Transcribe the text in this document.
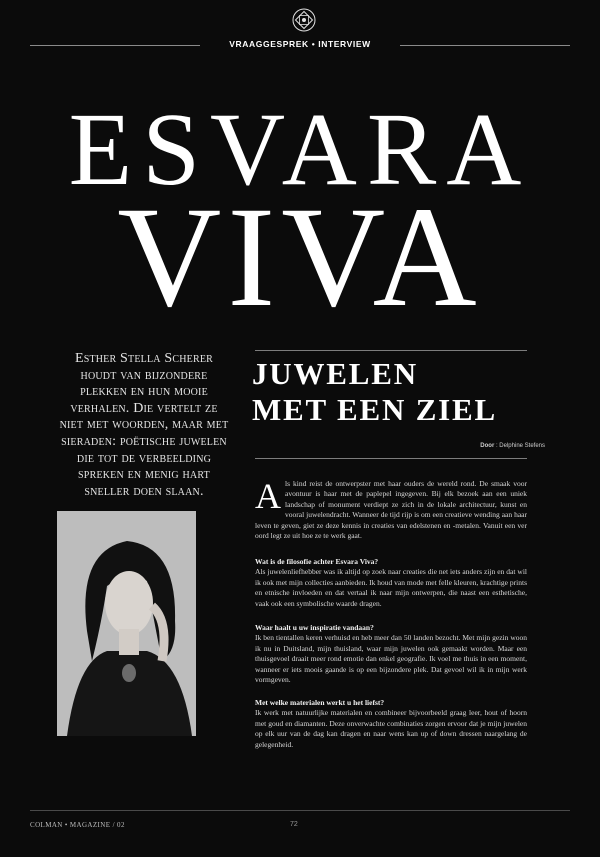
VRAAGGESPREK • INTERVIEW
ESVARA
VIVA
Esther Stella Scherer houdt van bijzondere plekken en hun mooie verhalen. Die vertelt ze niet met woorden, maar met sieraden: poëtische juwelen die tot de verbeelding spreken en menig hart sneller doen slaan.
JUWELEN
MET EEN ZIEL
Door : Delphine Stefens
A ls kind reist de ontwerpster met haar ouders de wereld rond. De smaak voor avontuur is haar met de paplepel ingegeven. Bij elk bezoek aan een uniek landschap of monument verdiept ze zich in de lokale architectuur, kunst en vooral juwelendracht. Wanneer de tijd rijp is om een creatieve wending aan haar leven te geven, giet ze deze kennis in creaties van edelstenen en -metalen. Vanuit een ver oord legt ze uit hoe ze te werk gaat.

Wat is de filosofie achter Esvara Viva?

Als juwelenliefhebber was ik altijd op zoek naar creaties die net iets anders zijn en dat wil ik ook met mijn collecties aanbieden. Ik houd van mode met felle kleuren, krachtige prints en etnische invloeden en dat vertaal ik naar mijn ontwerpen, die naast een esthetische, vaak ook een symbolische waarde dragen.

Waar haalt u uw inspiratie vandaan?

Ik ben tientallen keren verhuisd en heb meer dan 50 landen bezocht. Met mijn gezin woon ik nu in Duitsland, mijn thuisland, waar mijn juwelen ook gemaakt worden. Maar een thuisgevoel draait meer rond emotie dan enkel geografie. Ik voel me thuis in een moment, wanneer er iets moois gaande is op een bijzondere plek. Dat gevoel wil ik in mijn werk vormgeven.

Met welke materialen werkt u het liefst?

Ik werk met natuurlijke materialen en combineer bijvoorbeeld graag leer, hout of hoorn met goud en diamanten. Deze onverwachte combinaties zorgen ervoor dat je mijn juwelen op elk uur van de dag kan dragen en naar wens kan up of down dressen naargelang de gelegenheid.

COLMAN • MAGAZINE / 02	72
